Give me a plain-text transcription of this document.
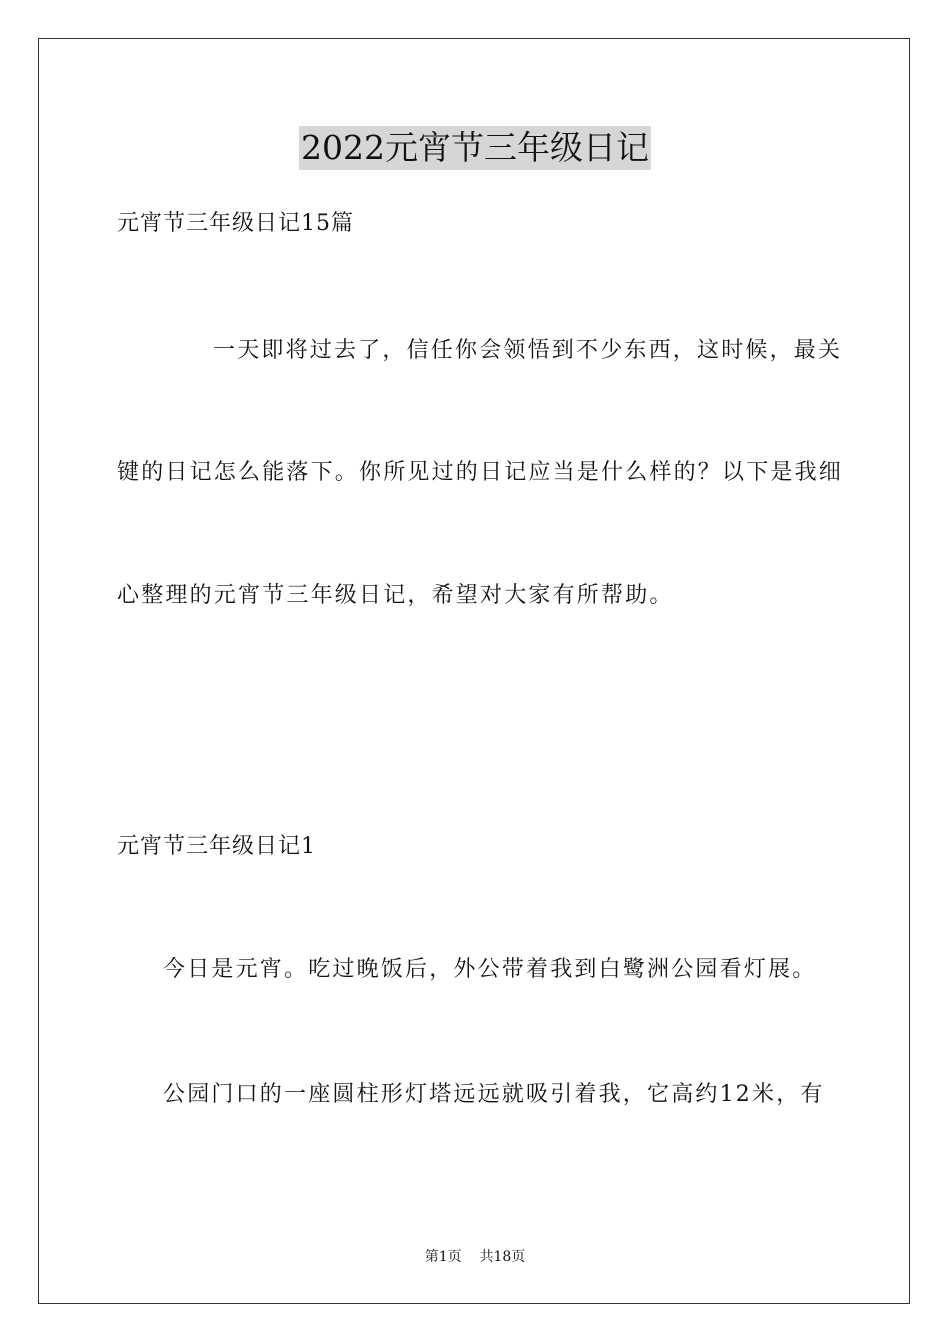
2022元宵节三年级日记
元宵节三年级日记15篇
一天即将过去了，信任你会领悟到不少东西，这时候，最关
键的日记怎么能落下。你所见过的日记应当是什么样的？以下是我细
心整理的元宵节三年级日记，希望对大家有所帮助。
元宵节三年级日记1
今日是元宵。吃过晚饭后，外公带着我到白鹭洲公园看灯展。
公园门口的一座圆柱形灯塔远远就吸引着我，它高约12米，有
第1页 共18页
